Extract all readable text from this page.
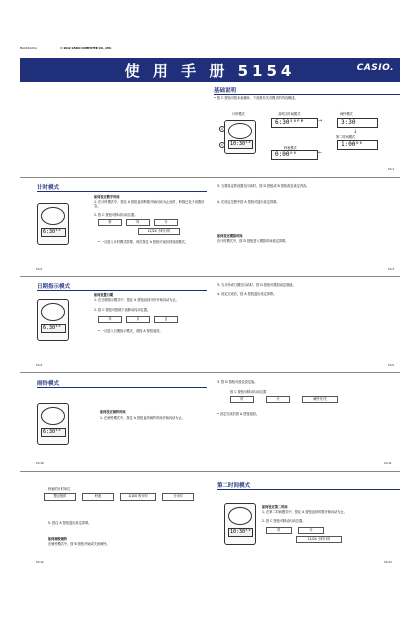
MA1204-ChA	© 2012 CASIO COMPUTER CO., LTD.
使 用 手 册 5154	CASIO.
基础说明
• 按 C 按钮可按本表循环，下面是有关各模式的内容概述。
计时模式	双时区时间模式	闹铃模式
秒表模式
第二时间模式
6:30⁵⁰ᴾᴹ	3:30
1:00⁰⁰
0:00⁰⁰
→
↓
←
10:30⁵⁰
A
C
Ch-1
计时模式
6:30⁵⁰
如何设定数字时间
1. 在计时模式中，按住 A 按钮直到秒数开始闪动为止此时，秒数已处于设置状态。
2. 按 C 按钮可移动闪动位置。
秒	时	分
12/24 小时计时
• 一旦进入计时模式屏幕，再次按住 A 按钮可返回到其他模式。
3. 当要设定的设置在闪动时，按 D 按钮或 B 按钮改变设定内容。
4. 在设定过程中按 A 按钮可退出设定屏幕。
如何设定模拟时间
在计时模式中，按 D 按钮进入模拟时间设定屏幕。
Ch-2	Ch-3
日期指示模式
6.30⁵⁰
如何设置日期
1. 在日期指示模式中，按住 A 按钮直到月份开始闪动为止。
2. 按 C 按钮可按照下表移动闪动位置。
年	月	日
• 一旦进入日期指示模式，请按 A 按钮返回。
3. 当月份或日期在闪动时，按 D 按钮可增加设定数值。
4. 设定完成后，按 A 按钮退出设定屏幕。
Ch-4	Ch-5
闹铃模式
6:30⁵⁰
如何设定闹铃时间
1. 在闹铃模式中，按住 A 按钮直到闹铃时间开始闪动为止。
3. 按 D 按钮可改变设定值。
按 C 按钮可移动闪动位置
时	分	闹铃开/关
• 设定完成后按 A 按钮返回。
Ch-10	Ch-11
秒表的计时单位
整点报时	秒表	1/100 秒计时	分计时
5. 按住 A 按钮退出设定屏幕。
如何调校闹铃
在闹铃模式中，按 B 按钮开始或关闭闹铃。
Ch-12
第二时间模式
10:30⁵⁰
如何设定第二时间
1. 在第二时间模式中，按住 A 按钮直到时数开始闪动为止。
2. 按 C 按钮可移动闪动位置。
时	分
12/24 小时计时
Ch-13
